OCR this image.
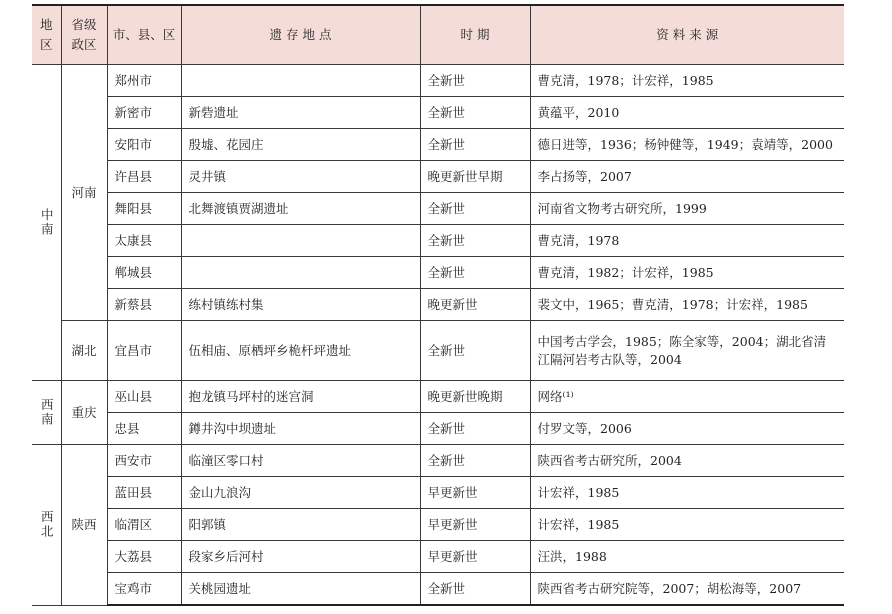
地区	省级政区	市、县、区	遗 存 地 点	时 期	资 料 来 源
中南	河南	郑州市		全新世	曹克清，1978；计宏祥，1985
		新密市	新砦遗址	全新世	黄蕴平，2010
		安阳市	殷墟、花园庄	全新世	德日进等，1936；杨钟健等，1949；袁靖等，2000
		许昌县	灵井镇	晚更新世早期	李占扬等，2007
		舞阳县	北舞渡镇贾湖遗址	全新世	河南省文物考古研究所，1999
		太康县		全新世	曹克清，1978
		郸城县		全新世	曹克清，1982；计宏祥，1985
		新蔡县	练村镇练村集	晚更新世	裴文中，1965；曹克清，1978；计宏祥，1985
	湖北	宜昌市	伍相庙、原栖坪乡桅杆坪遗址	全新世	中国考古学会，1985；陈全家等，2004；湖北省清江隔河岩考古队等，2004
西南	重庆	巫山县	抱龙镇马坪村的迷宫洞	晚更新世晚期	网络⁽¹⁾
		忠县	鐏井沟中坝遗址	全新世	付罗文等，2006
西北	陕西	西安市	临潼区零口村	全新世	陕西省考古研究所，2004
		蓝田县	金山九浪沟	早更新世	计宏祥，1985
		临渭区	阳郭镇	早更新世	计宏祥，1985
		大荔县	段家乡后河村	早更新世	汪洪，1988
		宝鸡市	关桃园遗址	全新世	陕西省考古研究院等，2007；胡松海等，2007
